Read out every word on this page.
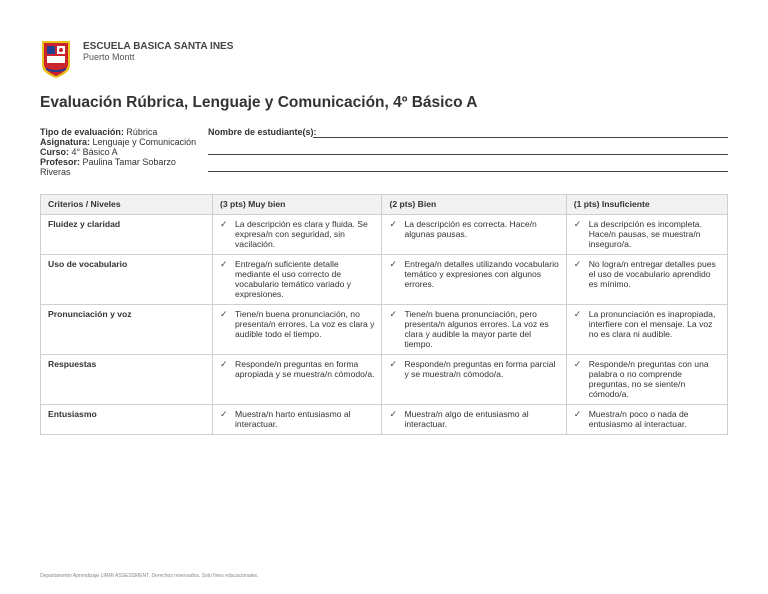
ESCUELA BASICA SANTA INES
Puerto Montt
Evaluación Rúbrica, Lenguaje y Comunicación, 4º Básico A
Tipo de evaluación: Rúbrica
Asignatura: Lenguaje y Comunicación
Curso: 4° Básico A
Profesor: Paulina Tamar Sobarzo Riveras
Nombre de estudiante(s):
Criterios / Niveles	(3 pts) Muy bien	(2 pts) Bien	(1 pts) Insuficiente
Fluidez y claridad	✓ La descripción es clara y fluida. Se expresa/n con seguridad, sin vacilación.	✓ La descripción es correcta. Hace/n algunas pausas.	✓ La descripción es incompleta. Hace/n pausas, se muestra/n inseguro/a.

Uso de vocabulario	✓ Entrega/n suficiente detalle mediante el uso correcto de vocabulario temático variado y expresiones.	✓ Entrega/n detalles utilizando vocabulario temático y expresiones con algunos errores.	✓ No logra/n entregar detalles pues el uso de vocabulario aprendido es mínimo.

Pronunciación y voz	✓ Tiene/n buena pronunciación, no presenta/n errores. La voz es clara y audible todo el tiempo.	✓ Tiene/n buena pronunciación, pero presenta/n algunos errores. La voz es clara y audible la mayor parte del tiempo.	✓ La pronunciación es inapropiada, interfiere con el mensaje. La voz no es clara ni audible.

Respuestas	✓ Responde/n preguntas en forma apropiada y se muestra/n cómodo/a.	✓ Responde/n preguntas en forma parcial y se muestra/n cómodo/a.	✓ Responde/n preguntas con una palabra o no comprende preguntas, no se siente/n cómodo/a.

Entusiasmo	✓ Muestra/n harto entusiasmo al interactuar.	✓ Muestra/n algo de entusiasmo al interactuar.	✓ Muestra/n poco o nada de entusiasmo al interactuar.
Departamento Aprendizaje LIRMI ASSESSMENT. Derechos reservados. Solo fines educacionales.
